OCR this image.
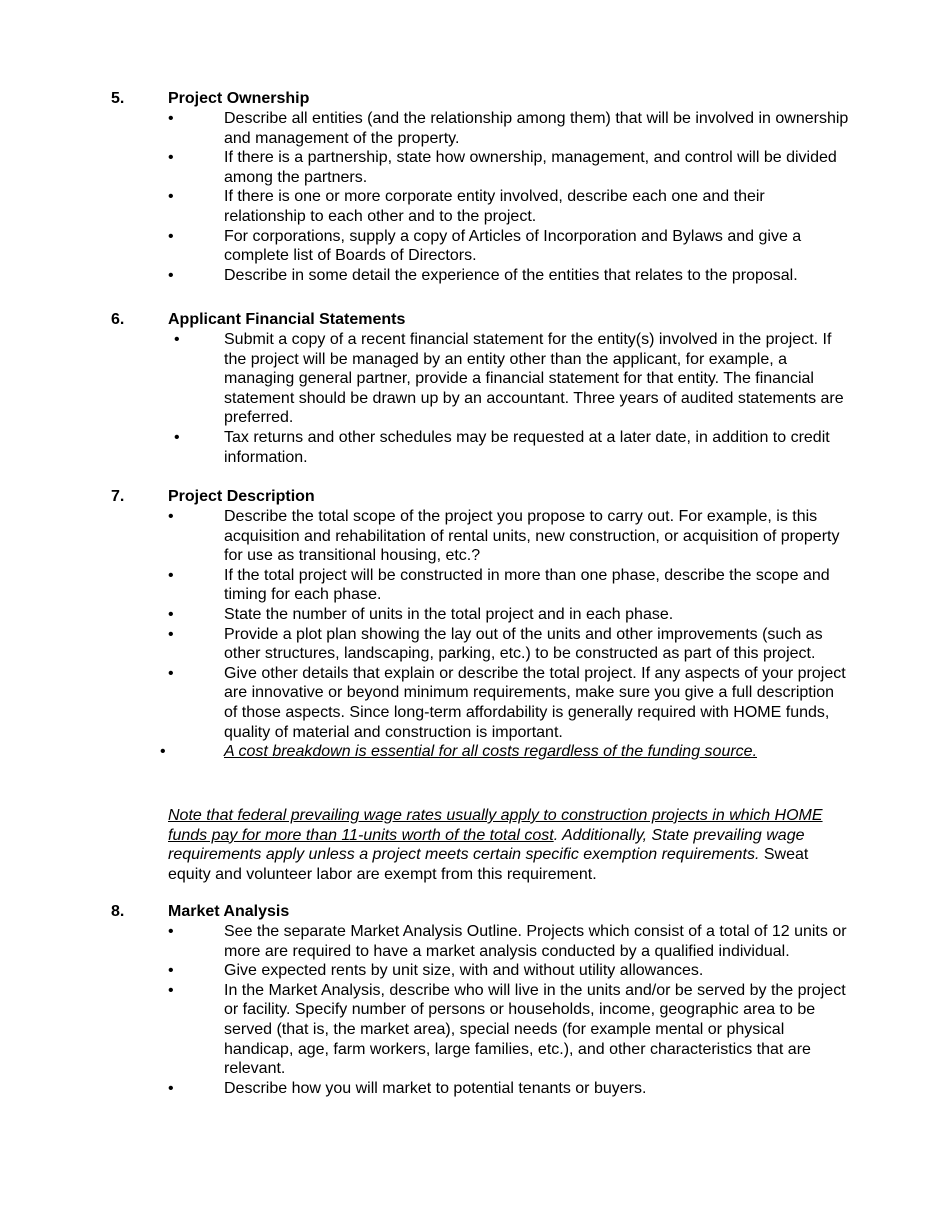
5.	Project Ownership
•	Describe all entities (and the relationship among them) that will be involved in ownership and management of the property.
•	If there is a partnership, state how ownership, management, and control will be divided among the partners.
•	If there is one or more corporate entity involved, describe each one and their relationship to each other and to the project.
•	For corporations, supply a copy of Articles of Incorporation and Bylaws and give a complete list of Boards of Directors.
•	Describe in some detail the experience of the entities that relates to the proposal.
6.	Applicant Financial Statements
•	Submit a copy of a recent financial statement for the entity(s) involved in the project. If the project will be managed by an entity other than the applicant, for example, a managing general partner, provide a financial statement for that entity. The financial statement should be drawn up by an accountant. Three years of audited statements are preferred.
•	Tax returns and other schedules may be requested at a later date, in addition to credit information.
7.	Project Description
•	Describe the total scope of the project you propose to carry out. For example, is this acquisition and rehabilitation of rental units, new construction, or acquisition of property for use as transitional housing, etc.?
•	If the total project will be constructed in more than one phase, describe the scope and timing for each phase.
•	State the number of units in the total project and in each phase.
•	Provide a plot plan showing the lay out of the units and other improvements (such as other structures, landscaping, parking, etc.) to be constructed as part of this project.
•	Give other details that explain or describe the total project. If any aspects of your project are innovative or beyond minimum requirements, make sure you give a full description of those aspects. Since long-term affordability is generally required with HOME funds, quality of material and construction is important.
•	A cost breakdown is essential for all costs regardless of the funding source.
Note that federal prevailing wage rates usually apply to construction projects in which HOME funds pay for more than 11-units worth of the total cost. Additionally, State prevailing wage requirements apply unless a project meets certain specific exemption requirements. Sweat equity and volunteer labor are exempt from this requirement.
8.	Market Analysis
•	See the separate Market Analysis Outline. Projects which consist of a total of 12 units or more are required to have a market analysis conducted by a qualified individual.
•	Give expected rents by unit size, with and without utility allowances.
•	In the Market Analysis, describe who will live in the units and/or be served by the project or facility. Specify number of persons or households, income, geographic area to be served (that is, the market area), special needs (for example mental or physical handicap, age, farm workers, large families, etc.), and other characteristics that are relevant.
•	Describe how you will market to potential tenants or buyers.
